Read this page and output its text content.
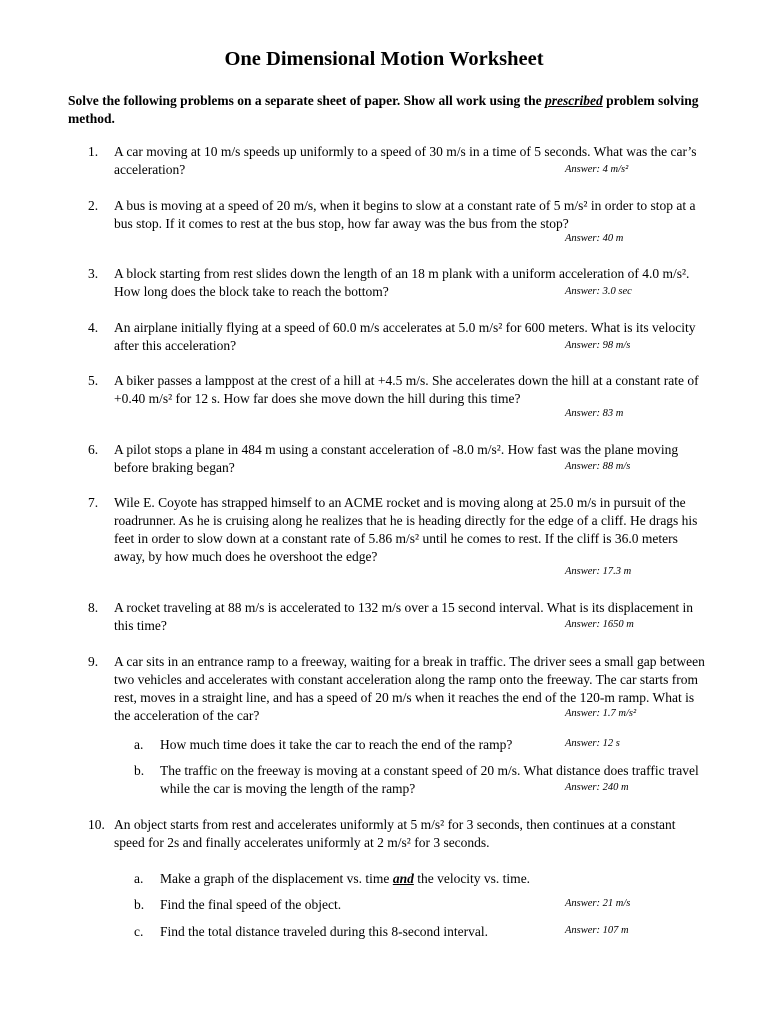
One Dimensional Motion Worksheet
Solve the following problems on a separate sheet of paper. Show all work using the prescribed problem solving method.
1.	A car moving at 10 m/s speeds up uniformly to a speed of 30 m/s in a time of 5 seconds. What was the car’s acceleration?	Answer: 4 m/s²
2.	A bus is moving at a speed of 20 m/s, when it begins to slow at a constant rate of 5 m/s² in order to stop at a bus stop. If it comes to rest at the bus stop, how far away was the bus from the stop?
Answer: 40 m
3.	A block starting from rest slides down the length of an 18 m plank with a uniform acceleration of 4.0 m/s². How long does the block take to reach the bottom?	Answer: 3.0 sec
4.	An airplane initially flying at a speed of 60.0 m/s accelerates at 5.0 m/s² for 600 meters. What is its velocity after this acceleration?	Answer: 98 m/s
5.	A biker passes a lamppost at the crest of a hill at +4.5 m/s. She accelerates down the hill at a constant rate of +0.40 m/s² for 12 s. How far does she move down the hill during this time?
Answer: 83 m
6.	A pilot stops a plane in 484 m using a constant acceleration of -8.0 m/s². How fast was the plane moving before braking began?	Answer: 88 m/s
7.	Wile E. Coyote has strapped himself to an ACME rocket and is moving along at 25.0 m/s in pursuit of the roadrunner. As he is cruising along he realizes that he is heading directly for the edge of a cliff. He drags his feet in order to slow down at a constant rate of 5.86 m/s² until he comes to rest. If the cliff is 36.0 meters away, by how much does he overshoot the edge?
Answer: 17.3 m
8.	A rocket traveling at 88 m/s is accelerated to 132 m/s over a 15 second interval. What is its displacement in this time?	Answer: 1650 m
9.	A car sits in an entrance ramp to a freeway, waiting for a break in traffic. The driver sees a small gap between two vehicles and accelerates with constant acceleration along the ramp onto the freeway. The car starts from rest, moves in a straight line, and has a speed of 20 m/s when it reaches the end of the 120-m ramp. What is the acceleration of the car?	Answer: 1.7 m/s²
a.	How much time does it take the car to reach the end of the ramp?	Answer: 12 s
b.	The traffic on the freeway is moving at a constant speed of 20 m/s. What distance does traffic travel while the car is moving the length of the ramp?	Answer: 240 m
10. An object starts from rest and accelerates uniformly at 5 m/s² for 3 seconds, then continues at a constant speed for 2s and finally accelerates uniformly at 2 m/s² for 3 seconds.
a.	Make a graph of the displacement vs. time and the velocity vs. time.
b.	Find the final speed of the object.	Answer: 21 m/s
c.	Find the total distance traveled during this 8-second interval.	Answer: 107 m
